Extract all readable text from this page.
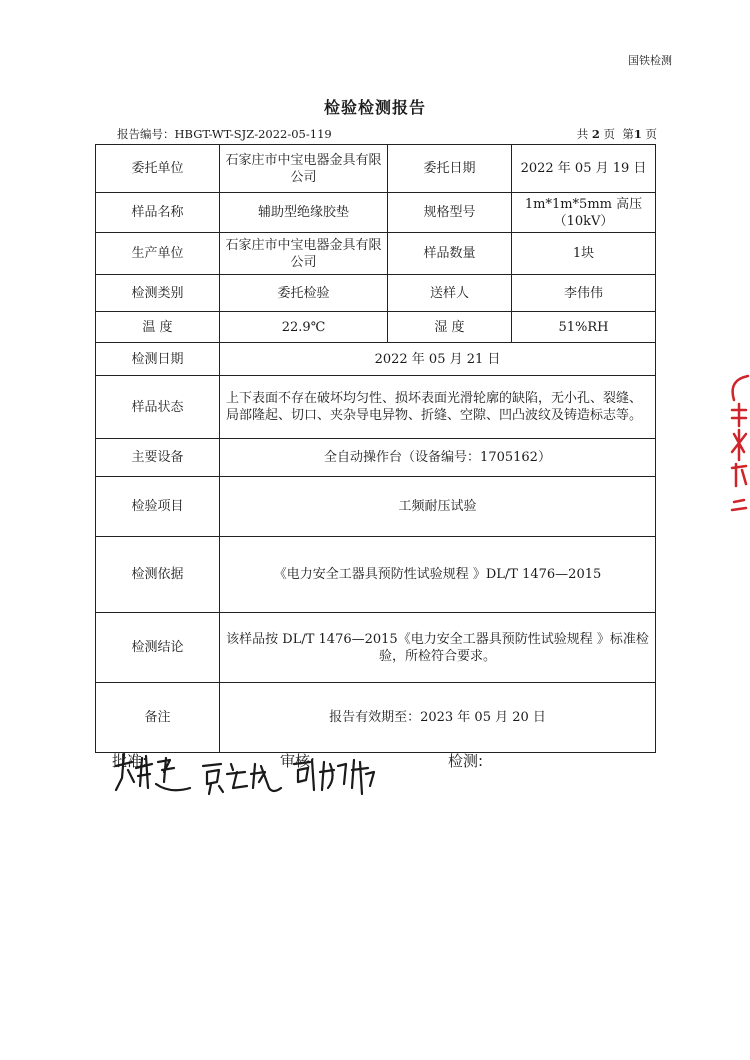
国铁检测
检验检测报告
报告编号：HBGT-WT-SJZ-2022-05-119	共 2 页 第1 页
委托单位	石家庄市中宝电器金具有限公司	委托日期	2022 年 05 月 19 日
样品名称	辅助型绝缘胶垫	规格型号	1m*1m*5mm 高压（10kV）
生产单位	石家庄市中宝电器金具有限公司	样品数量	1块
检测类别	委托检验	送样人	李伟伟
温 度	22.9℃	湿 度	51%RH
检测日期	2022 年 05 月 21 日		
样品状态	上下表面不存在破坏均匀性、损坏表面光滑轮廓的缺陷，无小孔、裂缝、局部隆起、切口、夹杂导电异物、折缝、空隙、凹凸波纹及铸造标志等。		
主要设备	全自动操作台（设备编号：1705162）		
检验项目	工频耐压试验		
检测依据	《电力安全工器具预防性试验规程 》DL/T 1476—2015		
检测结论	该样品按 DL/T 1476—2015《电力安全工器具预防性试验规程 》标准检验，所检符合要求。		
备注	报告有效期至：2023 年 05 月 20 日		
批准:
	审核:
	检测:
